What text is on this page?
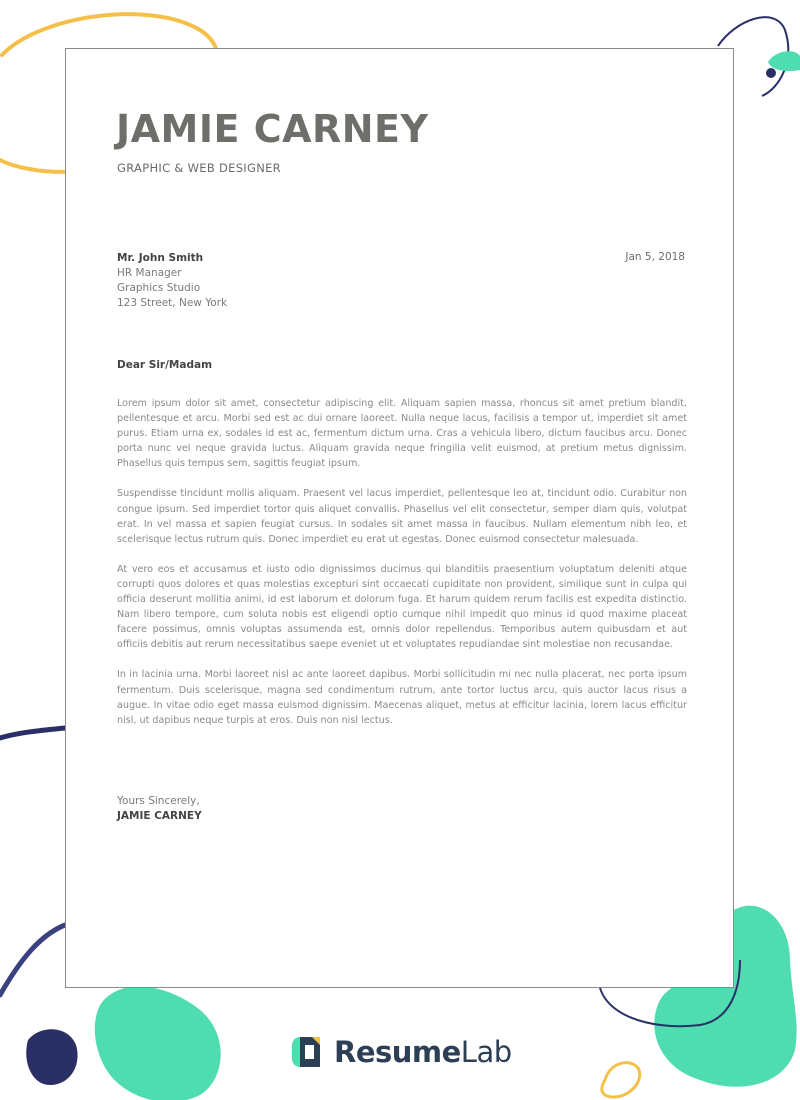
JAMIE CARNEY
GRAPHIC & WEB DESIGNER
Mr. John Smith
HR Manager
Graphics Studio
123 Street, New York
Jan 5, 2018
Dear Sir/Madam

Lorem ipsum dolor sit amet, consectetur adipiscing elit. Aliquam sapien massa, rhoncus sit amet pretium blandit, pellentesque et arcu. Morbi sed est ac dui ornare laoreet. Nulla neque lacus, facilisis a tempor ut, imperdiet sit amet purus. Etiam urna ex, sodales id est ac, fermentum dictum urna. Cras a vehicula libero, dictum faucibus arcu. Donec porta nunc vel neque gravida luctus. Aliquam gravida neque fringilla velit euismod, at pretium metus dignissim. Phasellus quis tempus sem, sagittis feugiat ipsum.

Suspendisse tincidunt mollis aliquam. Praesent vel lacus imperdiet, pellentesque leo at, tincidunt odio. Curabitur non congue ipsum. Sed imperdiet tortor quis aliquet convallis. Phasellus vel elit consectetur, semper diam quis, volutpat erat. In vel massa et sapien feugiat cursus. In sodales sit amet massa in faucibus. Nullam elementum nibh leo, et scelerisque lectus rutrum quis. Donec imperdiet eu erat ut egestas. Donec euismod consectetur malesuada.

At vero eos et accusamus et iusto odio dignissimos ducimus qui blanditiis praesentium voluptatum deleniti atque corrupti quos dolores et quas molestias excepturi sint occaecati cupiditate non provident, similique sunt in culpa qui officia deserunt mollitia animi, id est laborum et dolorum fuga. Et harum quidem rerum facilis est expedita distinctio. Nam libero tempore, cum soluta nobis est eligendi optio cumque nihil impedit quo minus id quod maxime placeat facere possimus, omnis voluptas assumenda est, omnis dolor repellendus. Temporibus autem quibusdam et aut officiis debitis aut rerum necessitatibus saepe eveniet ut et voluptates repudiandae sint molestiae non recusandae.

In in lacinia urna. Morbi laoreet nisl ac ante laoreet dapibus. Morbi sollicitudin mi nec nulla placerat, nec porta ipsum fermentum. Duis scelerisque, magna sed condimentum rutrum, ante tortor luctus arcu, quis auctor lacus risus a augue. In vitae odio eget massa euismod dignissim. Maecenas aliquet, metus at efficitur lacinia, lorem lacus efficitur nisl, ut dapibus neque turpis at eros. Duis non nisl lectus.

Yours Sincerely,
JAMIE CARNEY
ResumeLab
